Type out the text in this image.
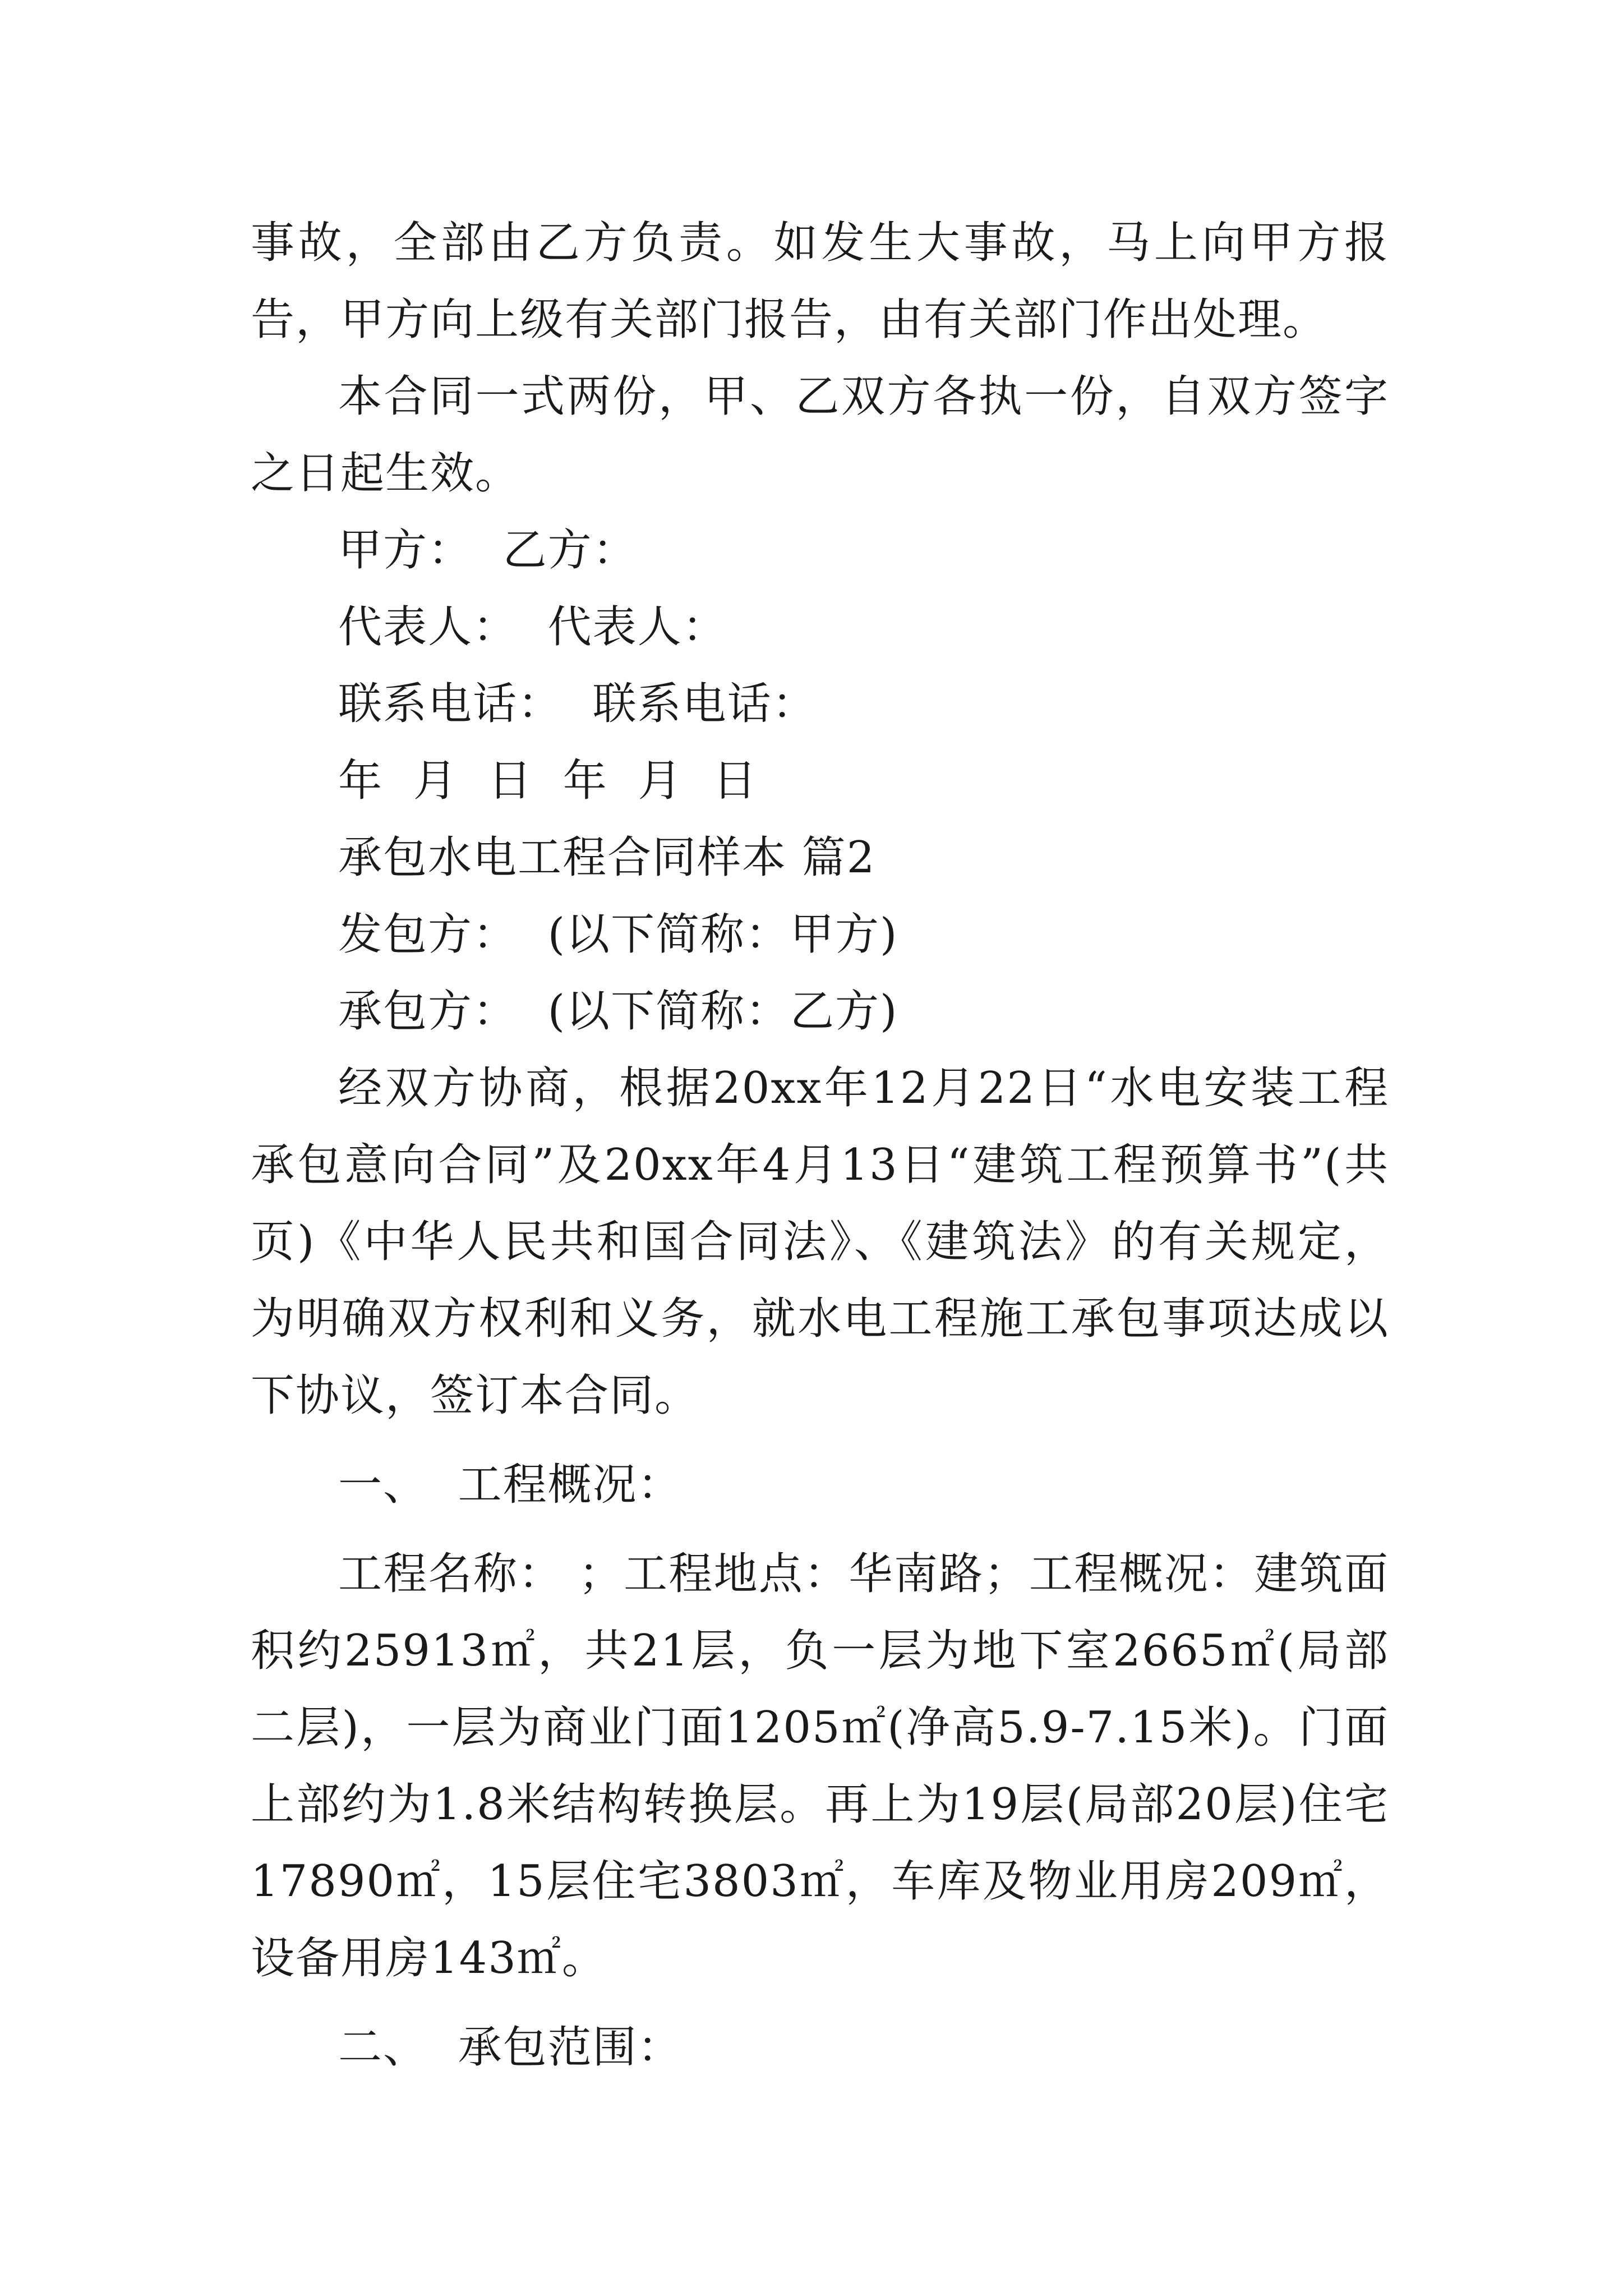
事故，全部由乙方负责。如发生大事故，马上向甲方报告，甲方向上级有关部门报告，由有关部门作出处理。

本合同一式两份，甲、乙双方各执一份，自双方签字之日起生效。

甲方：  乙方：

代表人：  代表人：

联系电话：  联系电话：

年  月  日  年  月  日

承包水电工程合同样本 篇2

发包方：  (以下简称：甲方)

承包方：  (以下简称：乙方)

经双方协商，根据20xx年12月22日“水电安装工程承包意向合同”及20xx年4月13日“建筑工程预算书”(共页)《中华人民共和国合同法》、《建筑法》的有关规定，为明确双方权利和义务，就水电工程施工承包事项达成以下协议，签订本合同。

一、  工程概况：

工程名称： ；工程地点：华南路；工程概况：建筑面积约25913㎡，共21层，负一层为地下室2665㎡(局部二层)，一层为商业门面1205㎡(净高5.9-7.15米)。门面上部约为1.8米结构转换层。再上为19层(局部20层)住宅17890㎡，15层住宅3803㎡，车库及物业用房209㎡，设备用房143㎡。

二、  承包范围：
